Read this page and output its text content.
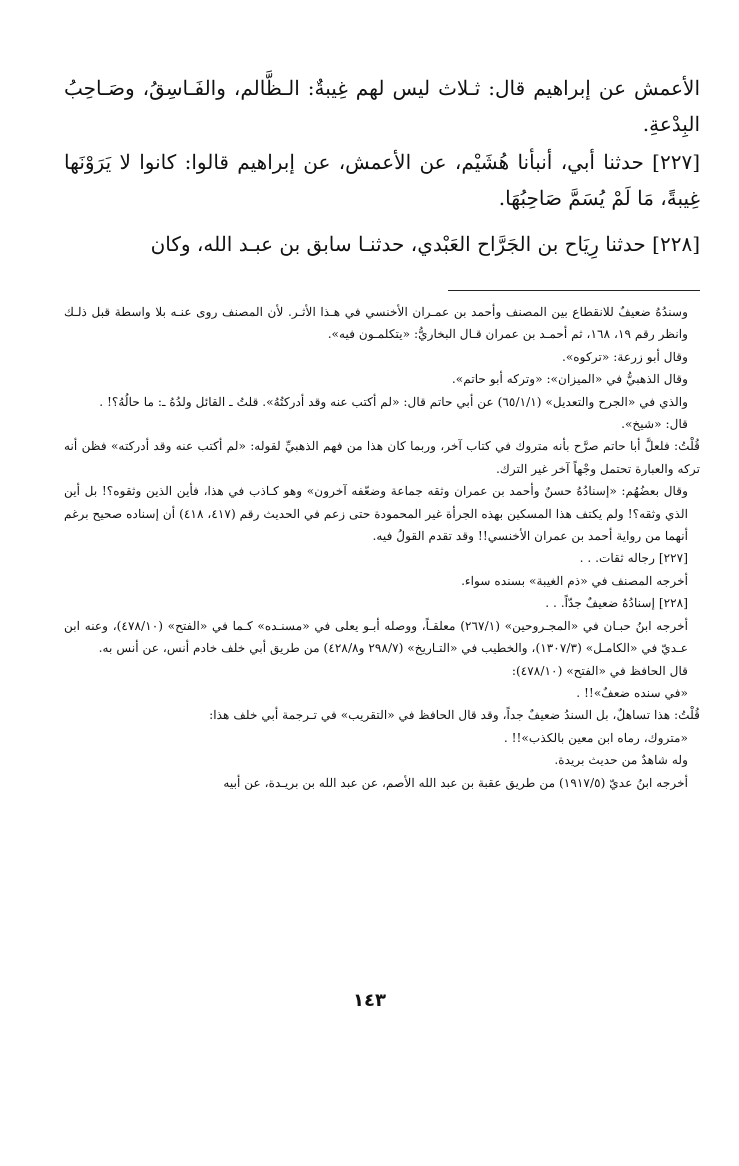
الأعمش عن إبراهيم قال: ثـلاث ليس لهم غِيبةٌ: الـظَّالم، والفَـاسِقُ، وصَـاحِبُ البِدْعةِ.

[٢٢٧] حدثنا أبي، أنبأنا هُشَيْم، عن الأعمش، عن إبراهيم قالوا: كانوا لا يَرَوْنَها غِيبةً، مَا لَمْ يُسَمَّ صَاحِبُهَا.

[٢٢٨] حدثنا رِيَاح بن الجَرَّاح العَبْدي، حدثنـا سابق بن عبـد الله، وكان

وسندُهُ ضعيفٌ للانقطاع بين المصنف وأحمد بن عمـران الأخنسي في هـذا الأثـر. لأن المصنف روى عنـه بلا واسطة قبل ذلـك وانظر رقم ١٩، ١٦٨، ثم أحمـد بن عمران قـال البخاريُّ: «يتكلمـون فيه».

وقال أبو زرعة: «تركوه».

وقال الذهبيُّ في «الميزان»: «وتركه أبو حاتم».

والذي في «الجرح والتعديل» (٦٥/١/١) عن أبي حاتم قال: «لم أكتب عنه وقد أدركتُهُ». قلتُ ـ القائل ولدُهُ ـ: ما حالُهُ؟! .

قال: «شيخ».

قُلْتُ: فلعلَّ أبا حاتم صرَّح بأنه متروك في كتاب آخر، وربما كان هذا من فهم الذهبيِّ لقوله: «لم أكتب عنه وقد أدركته» فظن أنه تركه والعبارة تحتمل وجْهاً آخر غير الترك.

وقال بعضُهُم: «إسنادُهُ حسنٌ وأحمد بن عمران وثقه جماعة وضعّفه آخرون» وهو كـاذب في هذا، فأين الذين وثقوه؟! بل أين الذي وثقه؟! ولم يكتف هذا المسكين بهذه الجرأة غير المحمودة حتى زعم في الحديث رقم (٤١٧، ٤١٨) أن إسناده صحيح برغم أنهما من رواية أحمد بن عمران الأخنسي!! وقد تقدم القولُ فيه.

[٢٢٧] رجاله ثقات. . .

أخرجه المصنف في «ذم الغيبة» بسنده سواء.

[٢٢٨] إسنادُهُ ضعيفٌ جدّاً. . .

أخرجه ابنُ حبـان في «المجـروحين» (٢٦٧/١) معلقـاً، ووصله أبـو يعلى في «مسنـده» كـما في «الفتح» (٤٧٨/١٠)، وعنه ابن عـديّ في «الكامـل» (١٣٠٧/٣)، والخطيب في «التـاريخ» (٢٩٨/٧ و٤٢٨/٨) من طريق أبي خلف خادم أنس، عن أنس به.

قال الحافظ في «الفتح» (٤٧٨/١٠):

«في سنده ضعفٌ»!! .

قُلْتُ: هذا تساهلٌ، بل السندُ ضعيفٌ جداً، وقد قال الحافظ في «التقريب» في تـرجمة أبي خلف هذا:

«متروك، رماه ابن معين بالكذب»!! .

وله شاهدٌ من حديث بريدة.

أخرجه ابنُ عديّ (١٩١٧/٥) من طريق عقبة بن عبد الله الأصم، عن عبد الله بن بريـدة، عن أبيه

١٤٣
